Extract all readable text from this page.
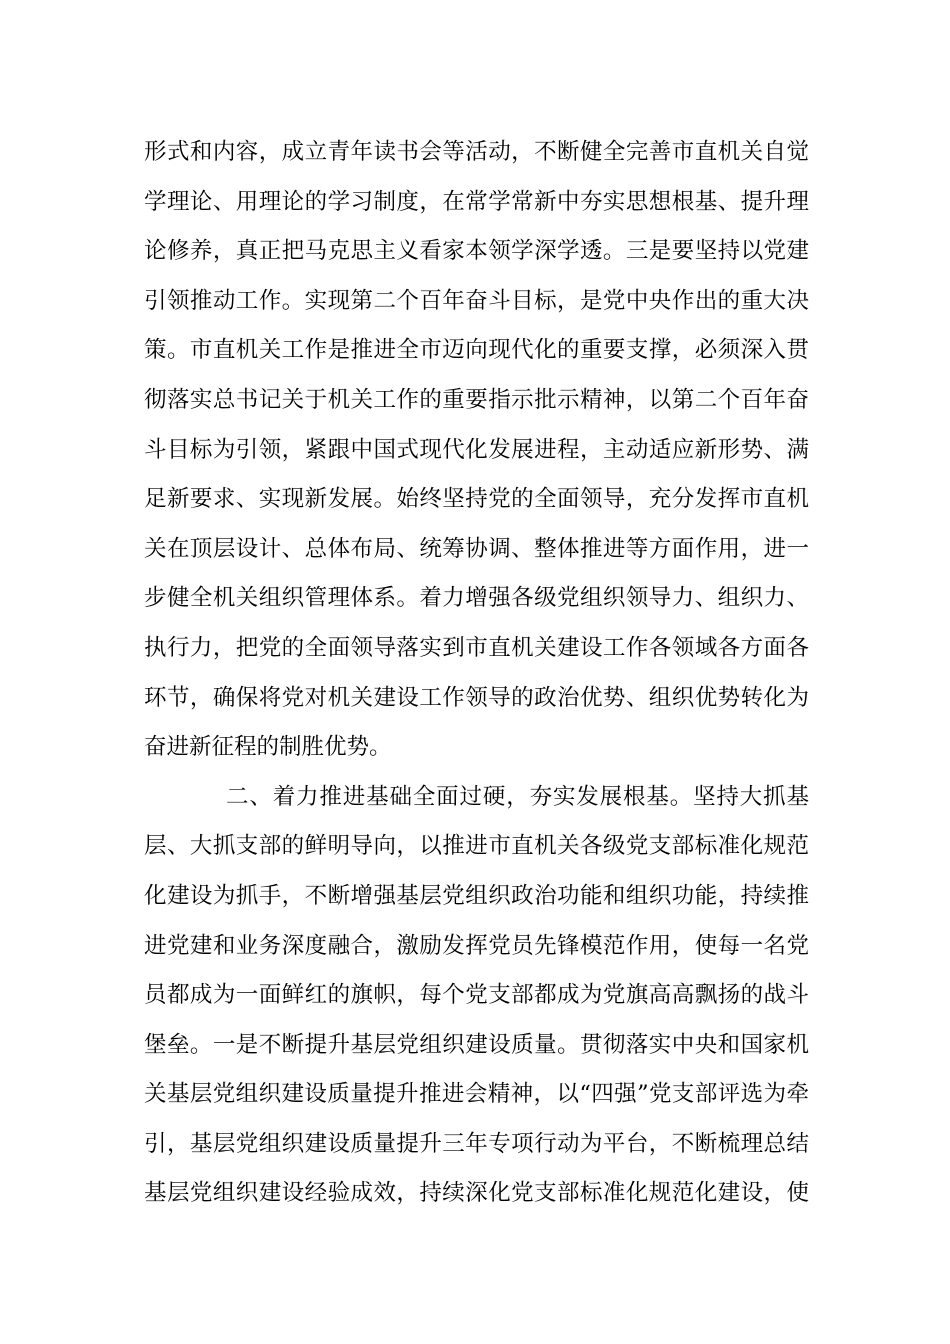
形式和内容，成立青年读书会等活动，不断健全完善市直机关自觉
学理论、用理论的学习制度，在常学常新中夯实思想根基、提升理
论修养，真正把马克思主义看家本领学深学透。三是要坚持以党建
引领推动工作。实现第二个百年奋斗目标，是党中央作出的重大决
策。市直机关工作是推进全市迈向现代化的重要支撑，必须深入贯
彻落实总书记关于机关工作的重要指示批示精神，以第二个百年奋
斗目标为引领，紧跟中国式现代化发展进程，主动适应新形势、满
足新要求、实现新发展。始终坚持党的全面领导，充分发挥市直机
关在顶层设计、总体布局、统筹协调、整体推进等方面作用，进一
步健全机关组织管理体系。着力增强各级党组织领导力、组织力、
执行力，把党的全面领导落实到市直机关建设工作各领域各方面各
环节，确保将党对机关建设工作领导的政治优势、组织优势转化为
奋进新征程的制胜优势。
二、着力推进基础全面过硬，夯实发展根基。坚持大抓基
层、大抓支部的鲜明导向，以推进市直机关各级党支部标准化规范
化建设为抓手，不断增强基层党组织政治功能和组织功能，持续推
进党建和业务深度融合，激励发挥党员先锋模范作用，使每一名党
员都成为一面鲜红的旗帜，每个党支部都成为党旗高高飘扬的战斗
堡垒。一是不断提升基层党组织建设质量。贯彻落实中央和国家机
关基层党组织建设质量提升推进会精神，以“四强”党支部评选为牵
引，基层党组织建设质量提升三年专项行动为平台，不断梳理总结
基层党组织建设经验成效，持续深化党支部标准化规范化建设，使
